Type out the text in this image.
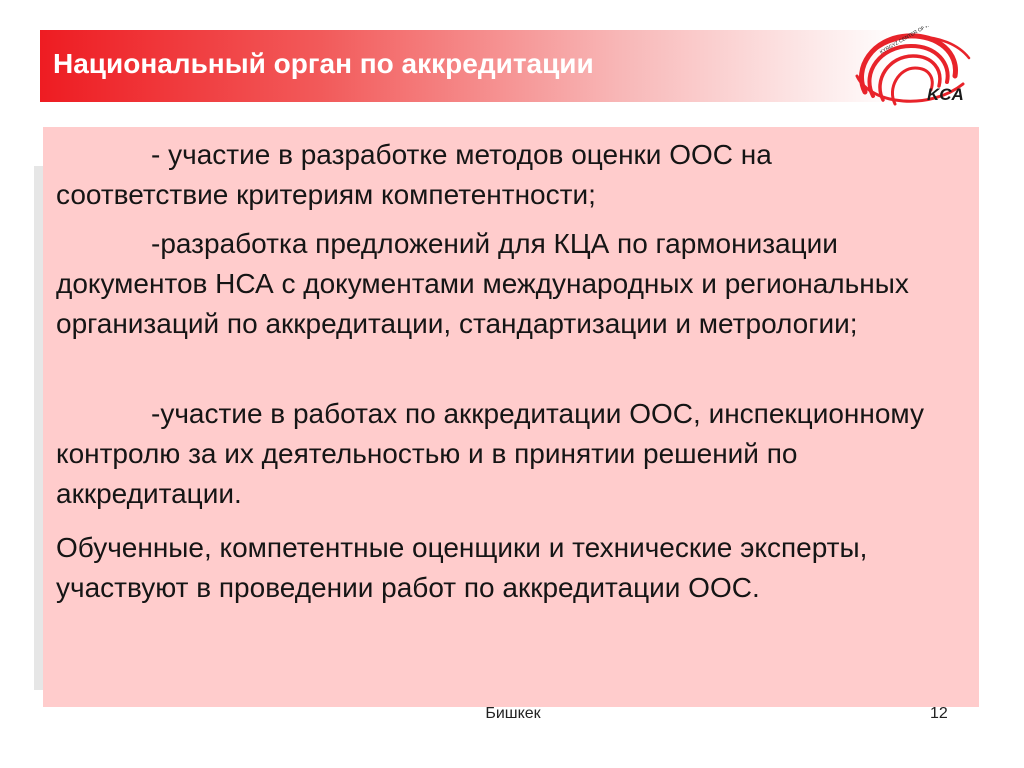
Национальный орган по аккредитации
KCA
KYRGYZ CENTER OF ACCREDITATION

- участие в разработке методов оценки ООС на соответствие критериям компетентности;

-разработка предложений для КЦА по гармонизации документов НСА с документами международных и региональных организаций по аккредитации, стандартизации и метрологии;

-участие в работах по аккредитации ООС, инспекционному контролю за их деятельностью и в принятии решений по аккредитации.

Обученные, компетентные оценщики и технические эксперты, участвуют в проведении работ по аккредитации ООС.

Бишкек	12
